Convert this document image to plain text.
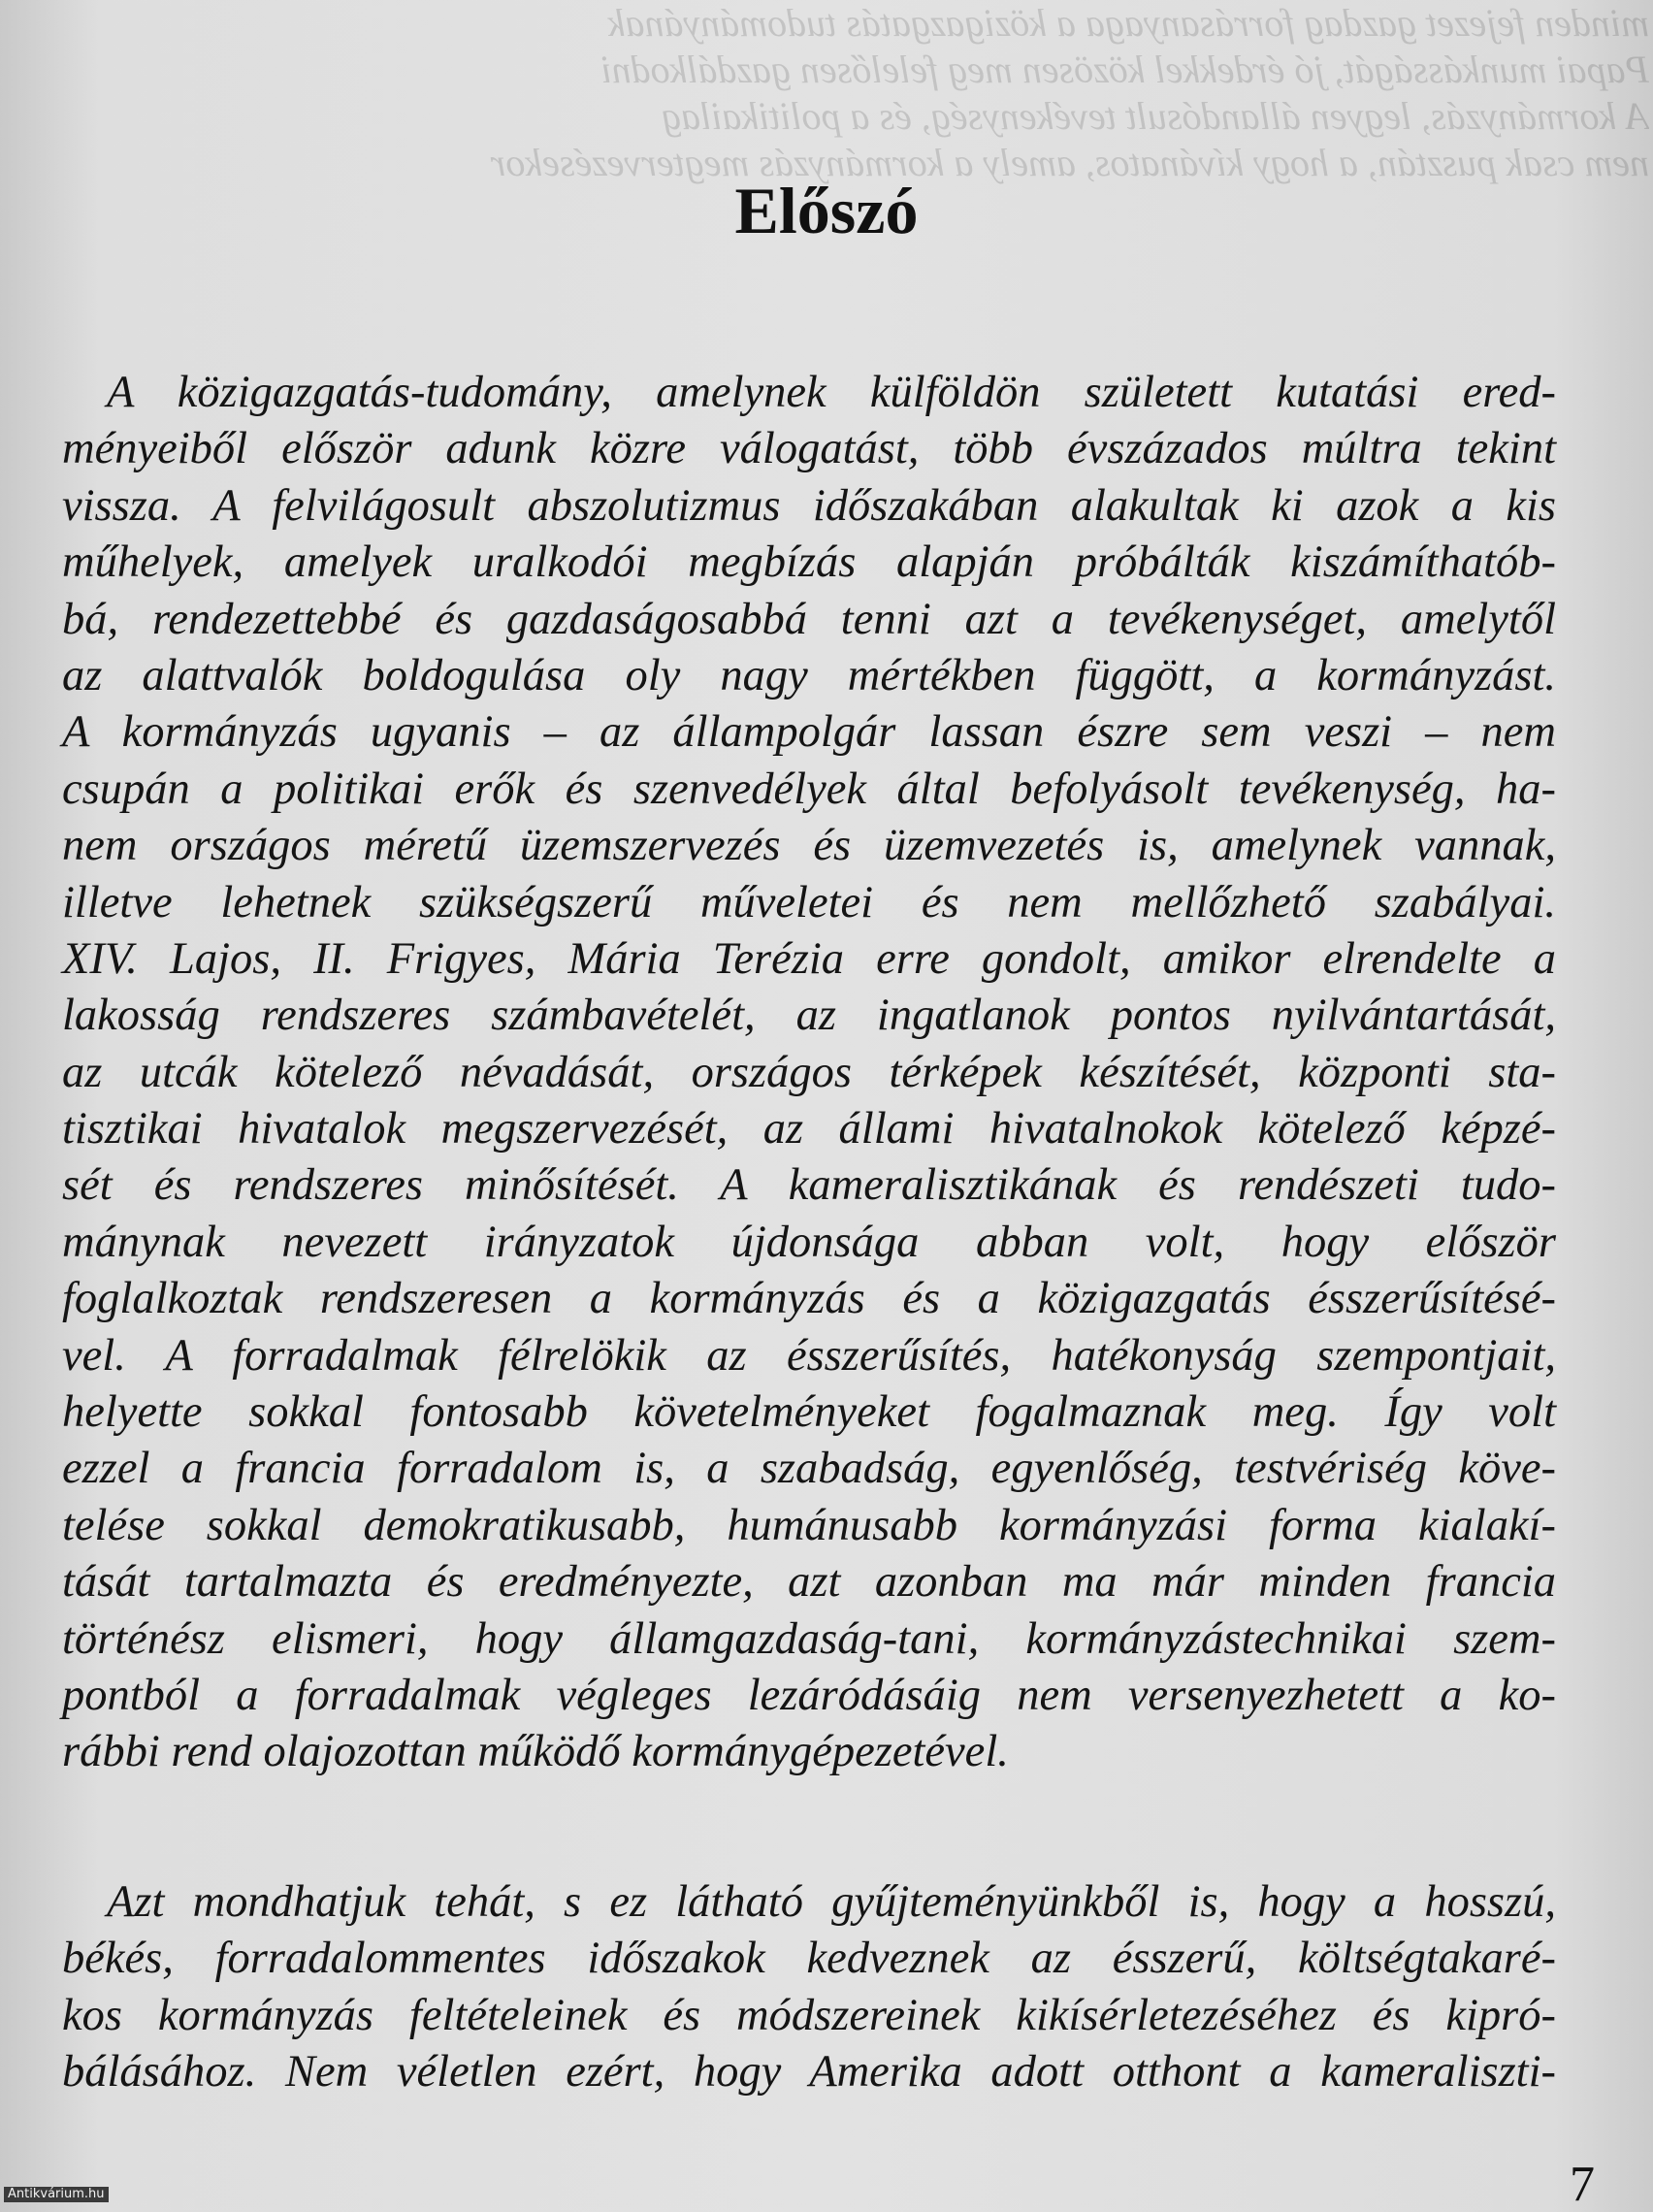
minden fejezet gazdag forrásanyaga a közigazgatás tudományának
Papai munkásságát, jó érdekkel közösen meg felelősen gazdálkodni
A kormányzás, legyen állandósult tevékenység, és a politikailag
nem csak pusztán, a hogy kívánatos, amely a kormányzás megtervezésekor
Előszó
A közigazgatás-tudomány, amelynek külföldön született kutatási ered-
ményeiből először adunk közre válogatást, több évszázados múltra tekint
vissza. A felvilágosult abszolutizmus időszakában alakultak ki azok a kis
műhelyek, amelyek uralkodói megbízás alapján próbálták kiszámíthatób-
bá, rendezettebbé és gazdaságosabbá tenni azt a tevékenységet, amelytől
az alattvalók boldogulása oly nagy mértékben függött, a kormányzást.
A kormányzás ugyanis – az állampolgár lassan észre sem veszi – nem
csupán a politikai erők és szenvedélyek által befolyásolt tevékenység, ha-
nem országos méretű üzemszervezés és üzemvezetés is, amelynek vannak,
illetve lehetnek szükségszerű műveletei és nem mellőzhető szabályai.
XIV. Lajos, II. Frigyes, Mária Terézia erre gondolt, amikor elrendelte a
lakosság rendszeres számbavételét, az ingatlanok pontos nyilvántartását,
az utcák kötelező névadását, országos térképek készítését, központi sta-
tisztikai hivatalok megszervezését, az állami hivatalnokok kötelező képzé-
sét és rendszeres minősítését. A kameralisztikának és rendészeti tudo-
mánynak nevezett irányzatok újdonsága abban volt, hogy először
foglalkoztak rendszeresen a kormányzás és a közigazgatás ésszerűsítésé-
vel. A forradalmak félrelökik az ésszerűsítés, hatékonyság szempontjait,
helyette sokkal fontosabb követelményeket fogalmaznak meg. Így volt
ezzel a francia forradalom is, a szabadság, egyenlőség, testvériség köve-
telése sokkal demokratikusabb, humánusabb kormányzási forma kialakí-
tását tartalmazta és eredményezte, azt azonban ma már minden francia
történész elismeri, hogy államgazdaság-tani, kormányzástechnikai szem-
pontból a forradalmak végleges lezáródásáig nem versenyezhetett a ko-
rábbi rend olajozottan működő kormánygépezetével.
Azt mondhatjuk tehát, s ez látható gyűjteményünkből is, hogy a hosszú,
békés, forradalommentes időszakok kedveznek az ésszerű, költségtakaré-
kos kormányzás feltételeinek és módszereinek kikísérletezéséhez és kipró-
bálásához. Nem véletlen ezért, hogy Amerika adott otthont a kameraliszti-
7
Antikvárium.hu
